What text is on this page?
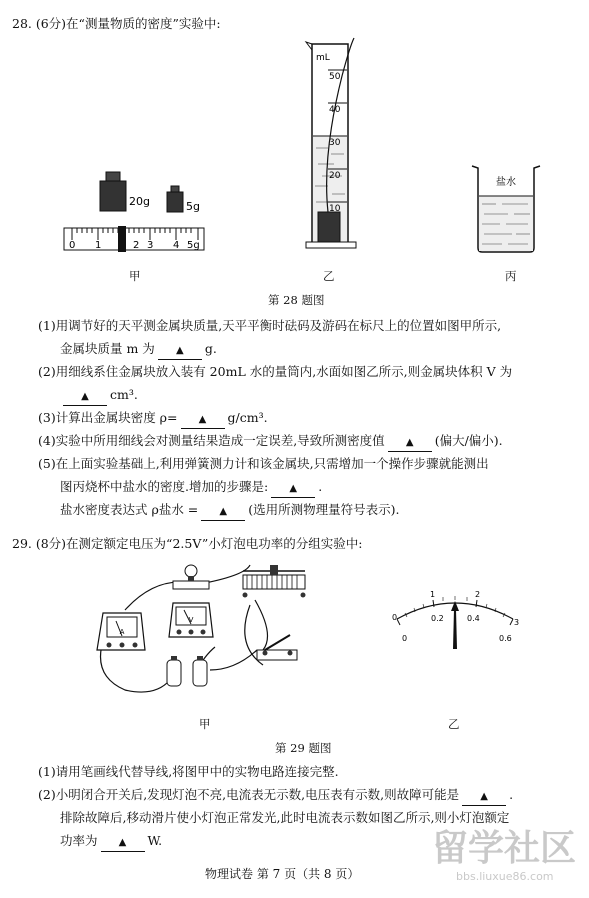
28. (6分)在“测量物质的密度”实验中:
20g	5g
0 1	2 3 4 5g
mL
50
40
30
20
10
盐水
甲	乙	丙
第 28 题图
(1)用调节好的天平测金属块质量,天平平衡时砝码及游码在标尺上的位置如图甲所示,
金属块质量 m 为 ▲ g.
(2)用细线系住金属块放入装有 20mL 水的量筒内,水面如图乙所示,则金属块体积 V 为
▲ cm³.
(3)计算出金属块密度 ρ= ▲ g/cm³.
(4)实验中所用细线会对测量结果造成一定误差,导致所测密度值 ▲ (偏大/偏小).
(5)在上面实验基础上,利用弹簧测力计和该金属块,只需增加一个操作步骤就能测出
图丙烧杯中盐水的密度.增加的步骤是: ▲ .
盐水密度表达式 ρ盐水 = ▲ (选用所测物理量符号表示).
29. (8分)在测定额定电压为“2.5V”小灯泡电功率的分组实验中:
A
V	0
1	2
3
0
0.2	0.4
0.6
甲	乙
第 29 题图
(1)请用笔画线代替导线,将图甲中的实物电路连接完整.
(2)小明闭合开关后,发现灯泡不亮,电流表无示数,电压表有示数,则故障可能是 ▲ .
排除故障后,移动滑片使小灯泡正常发光,此时电流表示数如图乙所示,则小灯泡额定
功率为 ▲ W.
物理试卷 第 7 页（共 8 页）
留学社区
bbs.liuxue86.com
